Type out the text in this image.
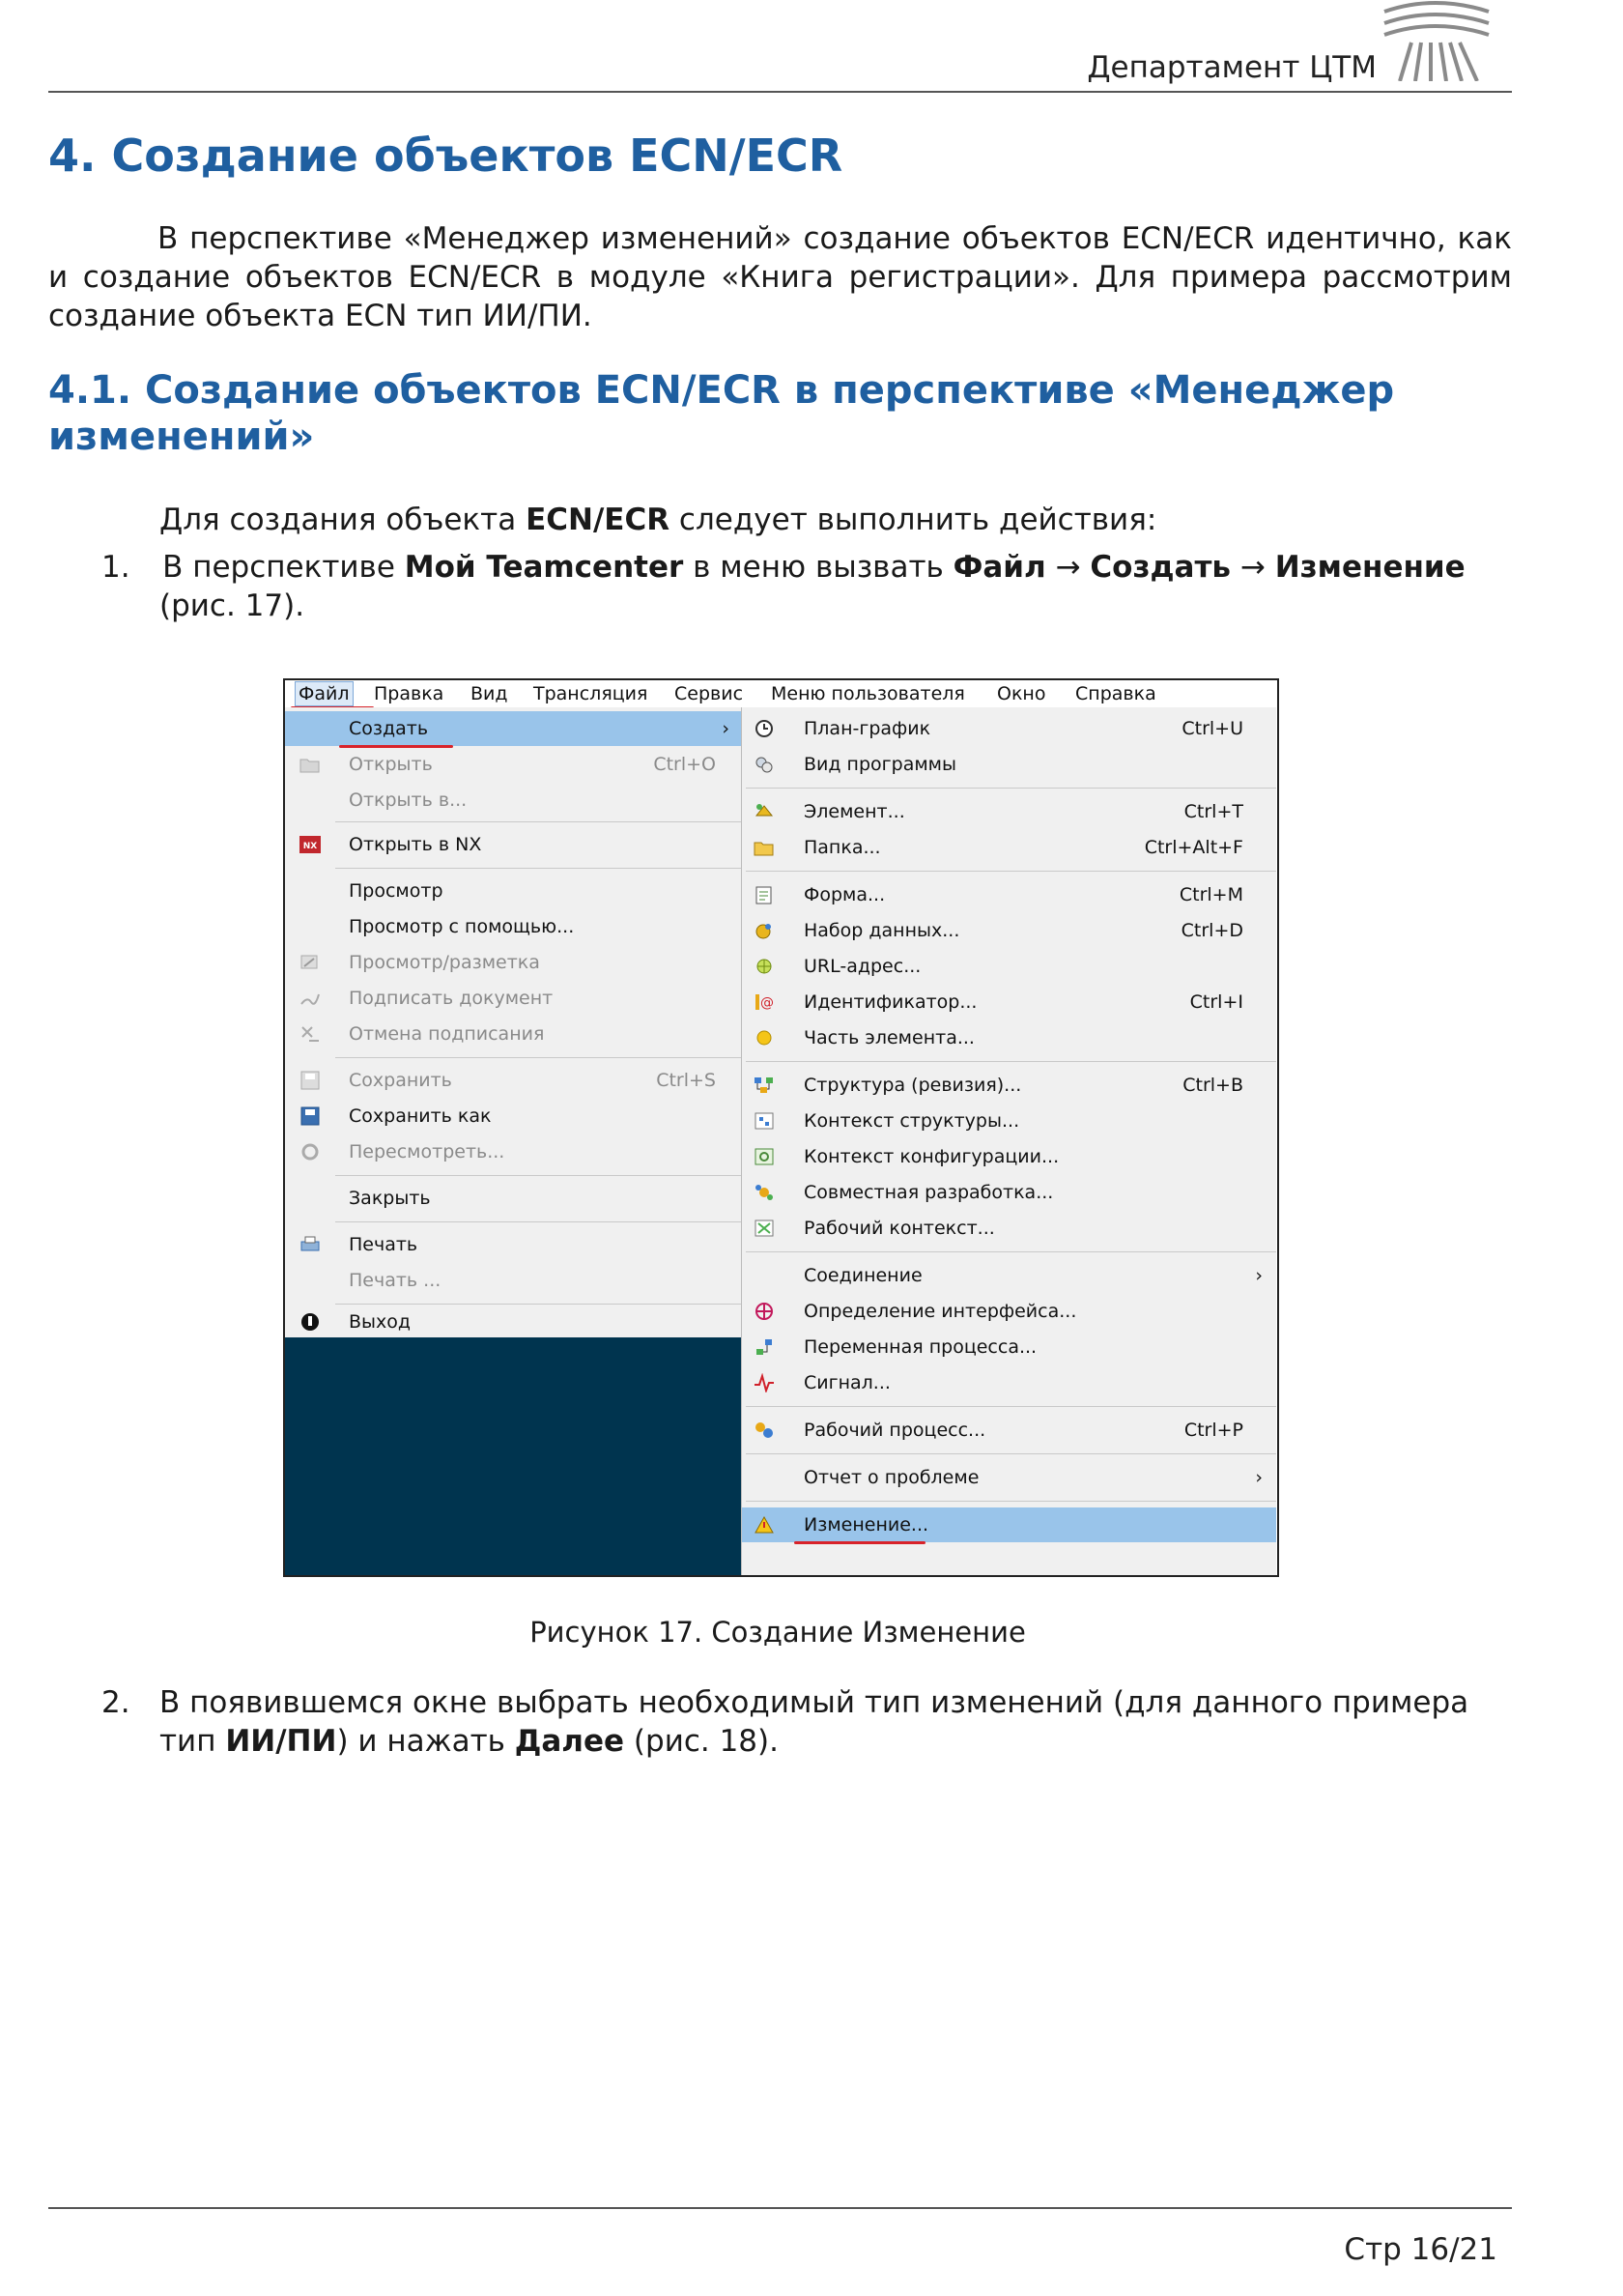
Департамент ЦТМ
4. Создание объектов ECN/ECR
В перспективе «Менеджер изменений» создание объектов ECN/ECR идентично, как и создание объектов ECN/ECR в модуле «Книга регистрации». Для примера рассмотрим создание объекта ECN тип ИИ/ПИ.
4.1. Создание объектов ECN/ECR в перспективе «Менеджер изменений»
Для создания объекта ECN/ECR следует выполнить действия:
1.
  В перспективе Мой Teamcenter в меню вызвать Файл → Создать → Изменение (рис. 17).
Файл Правка Вид Трансляция Сервис Меню пользователя Окно Справка
Создать	›
Открыть	Ctrl+O
Открыть в...
NX Открыть в NX
Просмотр
Просмотр с помощью...
Просмотр/разметка
Подписать документ
Отмена подписания
Сохранить	Ctrl+S
Сохранить как
Пересмотреть...
Закрыть
Печать
Печать ...
Выход
План-график	Ctrl+U
Вид программы
Элемент...	Ctrl+T
Папка...	Ctrl+Alt+F
Форма...	Ctrl+M
Набор данных...	Ctrl+D
URL-адрес...
@ Идентификатор...	Ctrl+I
Часть элемента...
Структура (ревизия)...	Ctrl+B
Контекст структуры...
Контекст конфигурации...
Совместная разработка...
Рабочий контекст...
Соединение	›
Определение интерфейса...
Переменная процесса...
Сигнал...
Рабочий процесс...	Ctrl+P
Отчет о проблеме	›
Изменение...
Рисунок 17. Создание Изменение
2. В появившемся окне выбрать необходимый тип изменений (для данного примера тип ИИ/ПИ) и нажать Далее (рис. 18).
Стр 16/21
